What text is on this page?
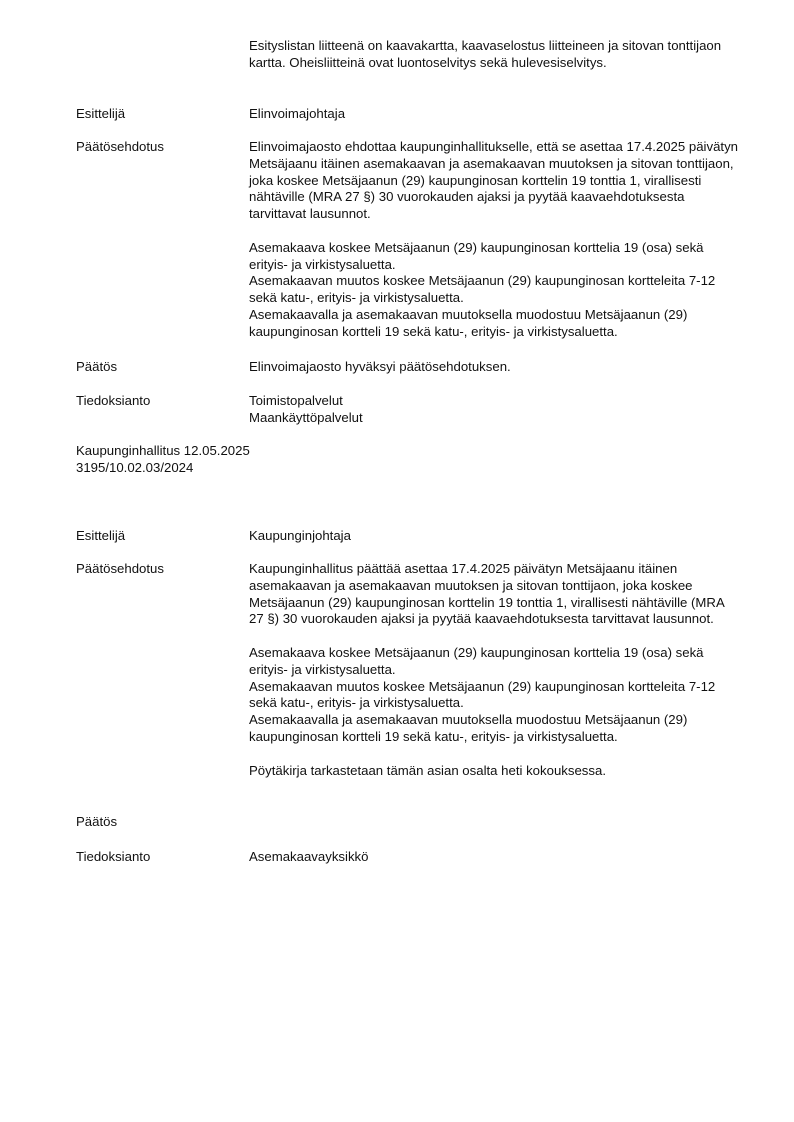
Esityslistan liitteenä on kaavakartta, kaavaselostus liitteineen ja sitovan tonttijaon kartta. Oheisliitteinä ovat luontoselvitys sekä hulevesiselvitys.

Esittelijä	Elinvoimajohtaja

Päätösehdotus	Elinvoimajaosto ehdottaa kaupunginhallitukselle, että se asettaa 17.4.2025 päivätyn Metsäjaanu itäinen asemakaavan ja asemakaavan muutoksen ja sitovan tonttijaon, joka koskee Metsäjaanun (29) kaupunginosan korttelin 19 tonttia 1, virallisesti nähtäville (MRA 27 §) 30 vuorokauden ajaksi ja pyytää kaavaehdotuksesta tarvittavat lausunnot.

Asemakaava koskee Metsäjaanun (29) kaupunginosan korttelia 19 (osa) sekä erityis- ja virkistysaluetta.

Asemakaavan muutos koskee Metsäjaanun (29) kaupunginosan kortteleita 7-12 sekä katu-, erityis- ja virkistysaluetta.

Asemakaavalla ja asemakaavan muutoksella muodostuu Metsäjaanun (29) kaupunginosan kortteli 19 sekä katu-, erityis- ja virkistysaluetta.

Päätös	Elinvoimajaosto hyväksyi päätösehdotuksen.

Tiedoksianto	Toimistopalvelut

Maankäyttöpalvelut

Kaupunginhallitus 12.05.2025

3195/10.02.03/2024

Esittelijä	Kaupunginjohtaja

Päätösehdotus	Kaupunginhallitus päättää asettaa 17.4.2025 päivätyn Metsäjaanu itäinen asemakaavan ja asemakaavan muutoksen ja sitovan tonttijaon, joka koskee Metsäjaanun (29) kaupunginosan korttelin 19 tonttia 1, virallisesti nähtäville (MRA 27 §) 30 vuorokauden ajaksi ja pyytää kaavaehdotuksesta tarvittavat lausunnot.

Asemakaava koskee Metsäjaanun (29) kaupunginosan korttelia 19 (osa) sekä erityis- ja virkistysaluetta.

Asemakaavan muutos koskee Metsäjaanun (29) kaupunginosan kortteleita 7-12 sekä katu-, erityis- ja virkistysaluetta.

Asemakaavalla ja asemakaavan muutoksella muodostuu Metsäjaanun (29) kaupunginosan kortteli 19 sekä katu-, erityis- ja virkistysaluetta.

Pöytäkirja tarkastetaan tämän asian osalta heti kokouksessa.

Päätös
Tiedoksianto	Asemakaavayksikkö
